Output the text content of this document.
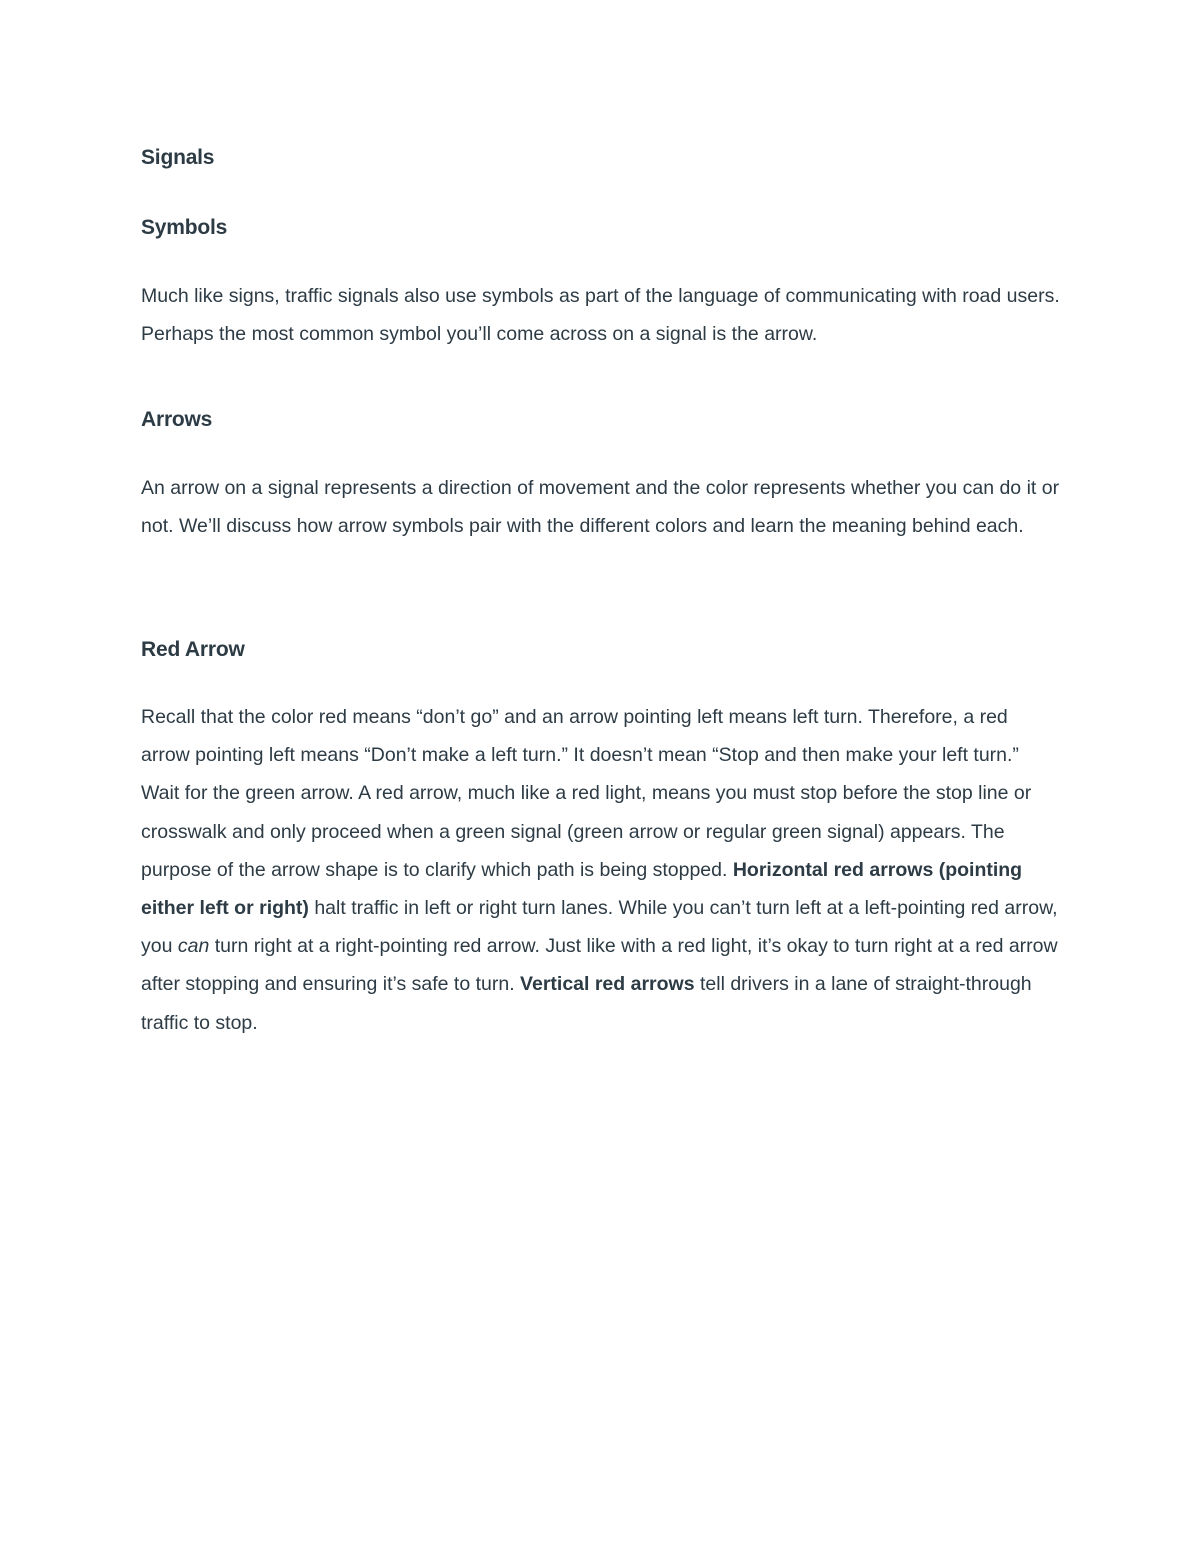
Signals
Symbols

Much like signs, traffic signals also use symbols as part of the language of communicating with road users. Perhaps the most common symbol you’ll come across on a signal is the arrow.

Arrows

An arrow on a signal represents a direction of movement and the color represents whether you can do it or not. We’ll discuss how arrow symbols pair with the different colors and learn the meaning behind each.

Red Arrow

Recall that the color red means “don’t go” and an arrow pointing left means left turn. Therefore, a red arrow pointing left means “Don’t make a left turn.” It doesn’t mean “Stop and then make your left turn.” Wait for the green arrow. A red arrow, much like a red light, means you must stop before the stop line or crosswalk and only proceed when a green signal (green arrow or regular green signal) appears. The purpose of the arrow shape is to clarify which path is being stopped. Horizontal red arrows (pointing either left or right) halt traffic in left or right turn lanes. While you can’t turn left at a left-pointing red arrow, you can turn right at a right-pointing red arrow. Just like with a red light, it’s okay to turn right at a red arrow after stopping and ensuring it’s safe to turn. Vertical red arrows tell drivers in a lane of straight-through traffic to stop.
